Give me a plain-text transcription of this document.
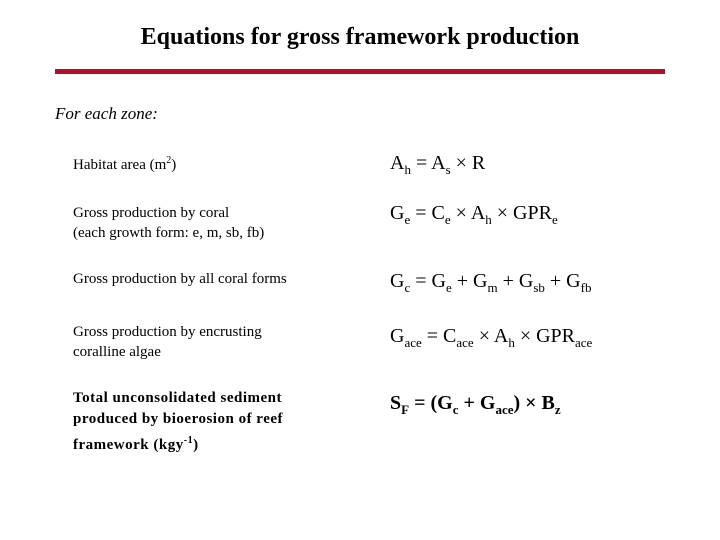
Equations for gross framework production
For each zone:
Habitat area $(m^2)$	$A_h = A_s \times R$
Gross production by coral
(each growth form: e, m, sb, fb)
$G_e = C_e \times A_h \times GPR_e$
Gross production by all coral forms	$G_c = G_e + G_m + G_{sb} + G_{fb}$
Gross production by encrusting
coralline algae
$G_{ace} = C_{ace} \times A_h \times GPR_{ace}$
Total unconsolidated sediment
produced by bioerosion of reef
framework (kgy$^{-1}$)
$S_F = (G_c + G_{ace}) \times B_z$
